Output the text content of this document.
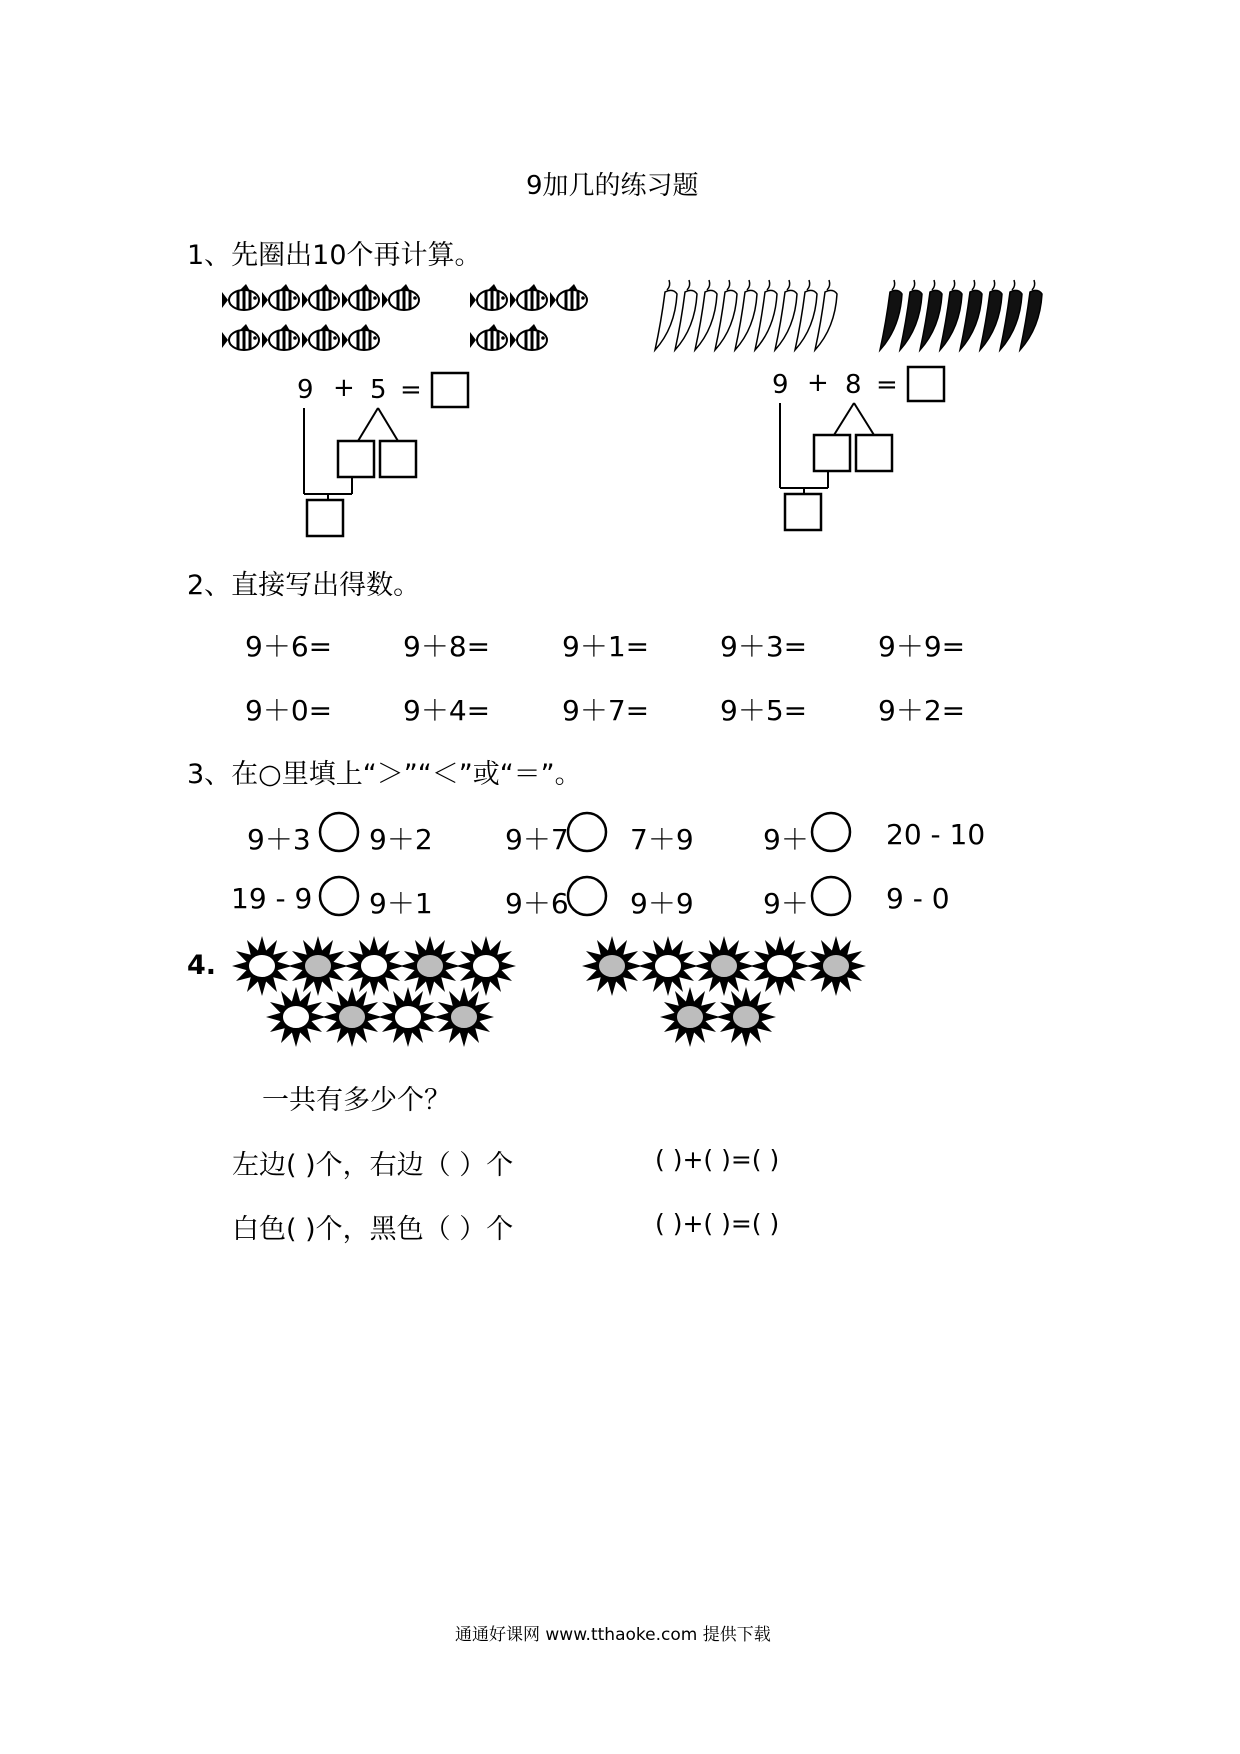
9加几的练习题
1、先圈出10个再计算。
9 + 5 =	9 + 8 =
2、直接写出得数。
9＋6=	9＋8=	9＋1=	9＋3=	9＋9=
9＋0=	9＋4=	9＋7=	9＋5=	9＋2=
3、在○里填上“＞”“＜”或“＝”。
9＋3 9＋2	9＋7 7＋9 9＋	20 - 10
19 - 9 9＋1	9＋6 9＋9 9＋	9 - 0
4.
一共有多少个？
左边( )个，右边（ ）个	( )+( )=( )
白色( )个，黑色（ ）个	( )+( )=( )
通通好课网 www.tthaoke.com 提供下载
